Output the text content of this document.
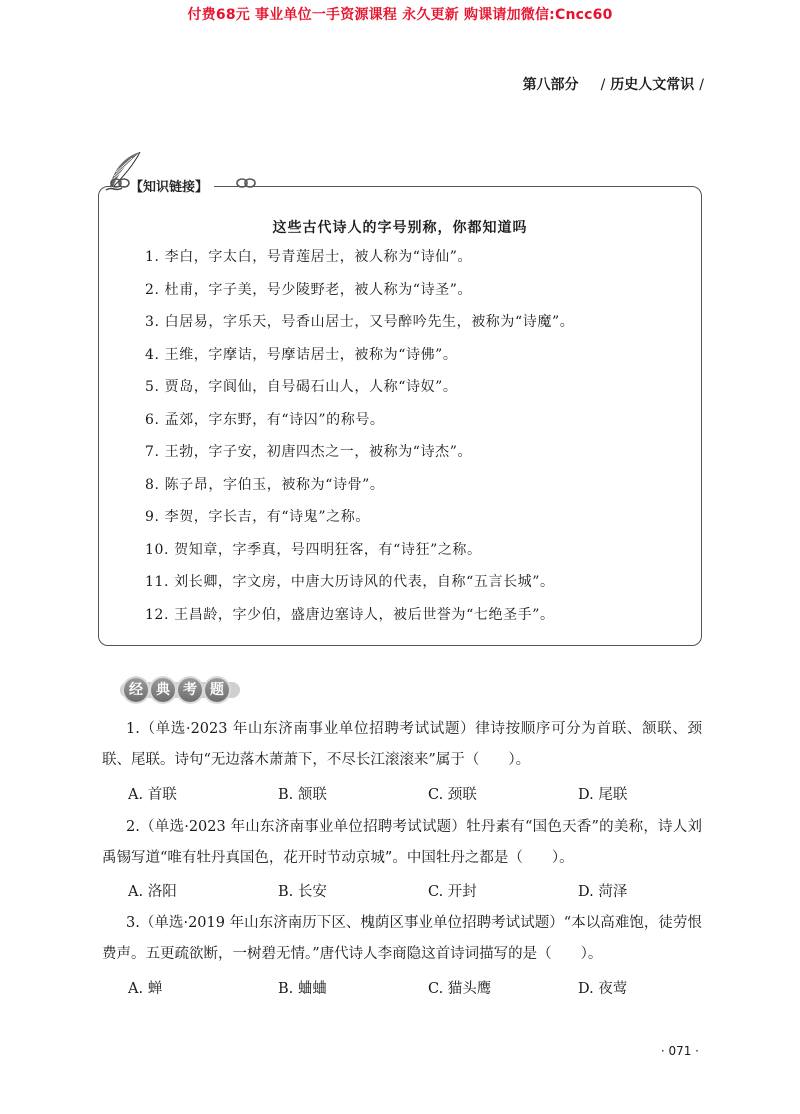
付费68元 事业单位一手资源课程 永久更新 购课请加微信:Cncc60
第八部分 / 历史人文常识 /
【知识链接】
这些古代诗人的字号别称，你都知道吗
1. 李白，字太白，号青莲居士，被人称为“诗仙”。
2. 杜甫，字子美，号少陵野老，被人称为“诗圣”。
3. 白居易，字乐天，号香山居士，又号醉吟先生，被称为“诗魔”。
4. 王维，字摩诘，号摩诘居士，被称为“诗佛”。
5. 贾岛，字阆仙，自号碣石山人，人称“诗奴”。
6. 孟郊，字东野，有“诗囚”的称号。
7. 王勃，字子安，初唐四杰之一，被称为“诗杰”。
8. 陈子昂，字伯玉，被称为“诗骨”。
9. 李贺，字长吉，有“诗鬼”之称。
10. 贺知章，字季真，号四明狂客，有“诗狂”之称。
11. 刘长卿，字文房，中唐大历诗风的代表，自称“五言长城”。
12. 王昌龄，字少伯，盛唐边塞诗人，被后世誉为“七绝圣手”。
经 典 考 题

1.（单选·2023 年山东济南事业单位招聘考试试题）律诗按顺序可分为首联、颔联、颈联、尾联。诗句“无边落木萧萧下，不尽长江滚滚来”属于（　　）。

A. 首联	B. 颔联	C. 颈联	D. 尾联

2.（单选·2023 年山东济南事业单位招聘考试试题）牡丹素有“国色天香”的美称，诗人刘禹锡写道“唯有牡丹真国色，花开时节动京城”。中国牡丹之都是（　　）。

A. 洛阳	B. 长安	C. 开封	D. 菏泽

3.（单选·2019 年山东济南历下区、槐荫区事业单位招聘考试试题）“本以高难饱，徒劳恨费声。五更疏欲断，一树碧无情。”唐代诗人李商隐这首诗词描写的是（　　）。

A. 蝉	B. 蛐蛐	C. 猫头鹰	D. 夜莺
· 071 ·
